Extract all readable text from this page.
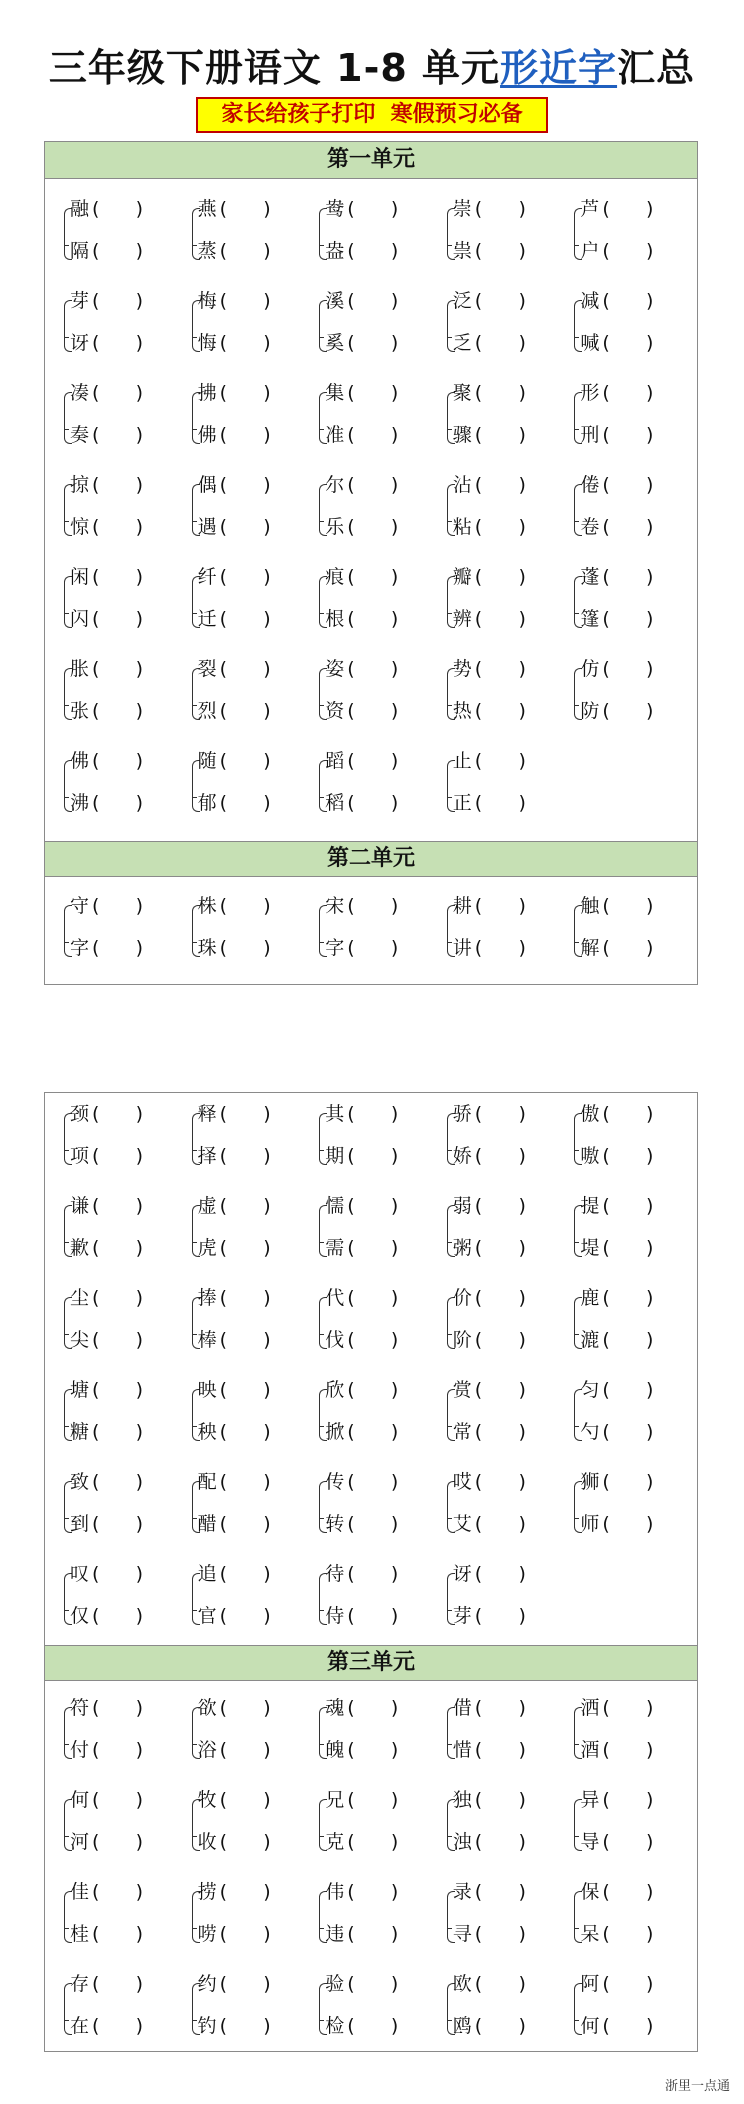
三年级下册语文 1-8 单元形近字汇总
家长给孩子打印  寒假预习必备
第一单元
融 (      )
隔 (      )
燕 (      )
蒸 (      )
鸯 (      )
盎 (      )
崇 (      )
祟 (      )
芦 (      )
户 (      )
芽 (      )
讶 (      )
梅 (      )
悔 (      )
溪 (      )
奚 (      )
泛 (      )
乏 (      )
减 (      )
喊 (      )
凑 (      )
奏 (      )
拂 (      )
佛 (      )
集 (      )
准 (      )
聚 (      )
骤 (      )
形 (      )
刑 (      )
掠 (      )
惊 (      )
偶 (      )
遇 (      )
尔 (      )
乐 (      )
沾 (      )
粘 (      )
倦 (      )
卷 (      )
闲 (      )
闪 (      )
纤 (      )
迁 (      )
痕 (      )
根 (      )
瓣 (      )
辨 (      )
蓬 (      )
篷 (      )
胀 (      )
张 (      )
裂 (      )
烈 (      )
姿 (      )
资 (      )
势 (      )
热 (      )
仿 (      )
防 (      )
佛 (      )
沸 (      )
随 (      )
郁 (      )
蹈 (      )
稻 (      )
止 (      )
正 (      )
第二单元
守 (      )
字 (      )
株 (      )
珠 (      )
宋 (      )
字 (      )
耕 (      )
讲 (      )
触 (      )
解 (      )
第三单元
符 (      )
付 (      )
欲 (      )
浴 (      )
魂 (      )
魄 (      )
借 (      )
惜 (      )
洒 (      )
酒 (      )
何 (      )
河 (      )
牧 (      )
收 (      )
兄 (      )
克 (      )
独 (      )
浊 (      )
异 (      )
导 (      )
佳 (      )
桂 (      )
捞 (      )
唠 (      )
伟 (      )
违 (      )
录 (      )
寻 (      )
保 (      )
呆 (      )
存 (      )
在 (      )
约 (      )
钓 (      )
验 (      )
检 (      )
欧 (      )
鸥 (      )
阿 (      )
何 (      )
浙里一点通
颈 (      )
项 (      )
释 (      )
择 (      )
其 (      )
期 (      )
骄 (      )
娇 (      )
傲 (      )
嗷 (      )
谦 (      )
歉 (      )
虚 (      )
虎 (      )
懦 (      )
需 (      )
弱 (      )
粥 (      )
提 (      )
堤 (      )
尘 (      )
尖 (      )
捧 (      )
棒 (      )
代 (      )
伐 (      )
价 (      )
阶 (      )
鹿 (      )
漉 (      )
塘 (      )
糖 (      )
映 (      )
秧 (      )
欣 (      )
掀 (      )
赏 (      )
常 (      )
匀 (      )
勺 (      )
致 (      )
到 (      )
配 (      )
醋 (      )
传 (      )
转 (      )
哎 (      )
艾 (      )
狮 (      )
师 (      )
叹 (      )
仅 (      )
追 (      )
官 (      )
待 (      )
侍 (      )
讶 (      )
芽 (      )
